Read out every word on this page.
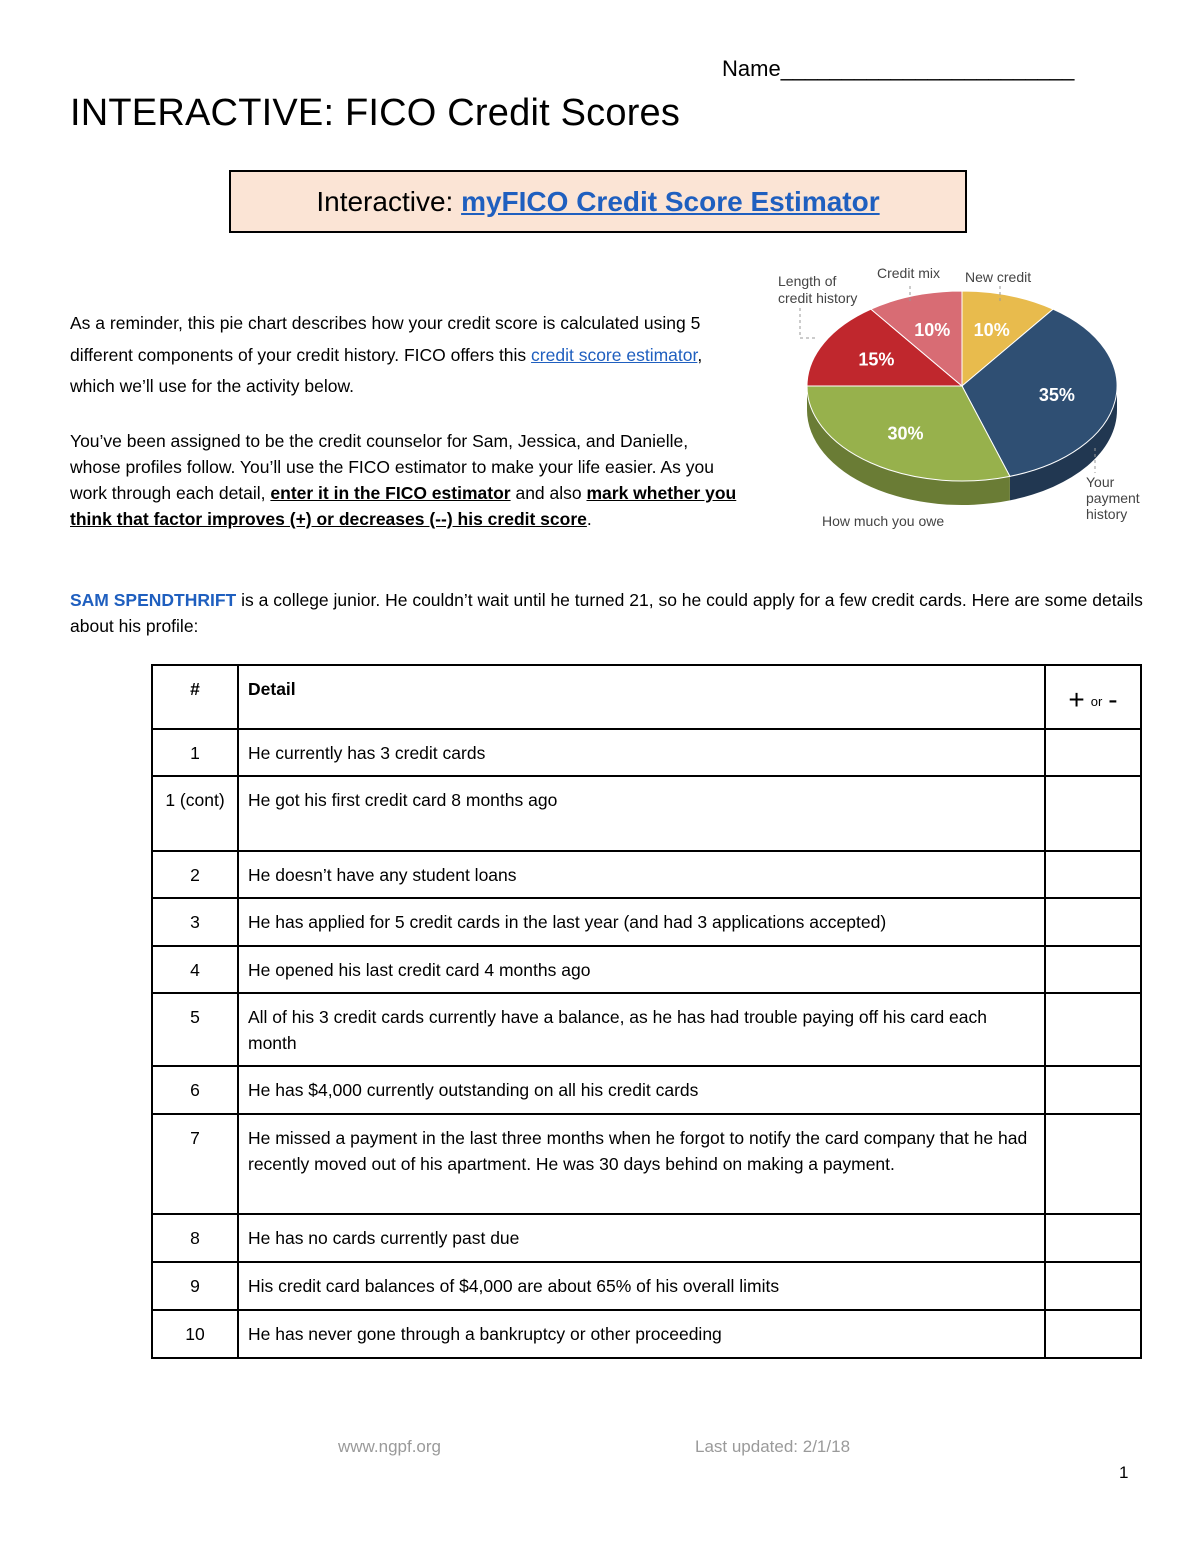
Name________________________
INTERACTIVE: FICO Credit Scores
Interactive: myFICO Credit Score Estimator
As a reminder, this pie chart describes how your credit score is calculated using 5 different components of your credit history. FICO offers this credit score estimator, which we’ll use for the activity below.
You’ve been assigned to be the credit counselor for Sam, Jessica, and Danielle, whose profiles follow. You’ll use the FICO estimator to make your life easier. As you work through each detail, enter it in the FICO estimator and also mark whether you think that factor improves (+) or decreases (--) his credit score.
SAM SPENDTHRIFT is a college junior. He couldn’t wait until he turned 21, so he could apply for a few credit cards. Here are some details about his profile:
10%
35%
30%
15%
10%
Length of
credit history
Credit mix New credit
Your
payment
history
How much you owe
#	Detail	+ or -
1	He currently has 3 credit cards	
1 (cont)	He got his first credit card 8 months ago	
2	He doesn’t have any student loans	
3	He has applied for 5 credit cards in the last year (and had 3 applications accepted)	
4	He opened his last credit card 4 months ago	
5	All of his 3 credit cards currently have a balance, as he has had trouble paying off his card each month	
6	He has $4,000 currently outstanding on all his credit cards	
7	He missed a payment in the last three months when he forgot to notify the card company that he had recently moved out of his apartment. He was 30 days behind on making a payment.	
8	He has no cards currently past due	
9	His credit card balances of $4,000 are about 65% of his overall limits	
10	He has never gone through a bankruptcy or other proceeding	
www.ngpf.org	Last updated: 2/1/18
1
